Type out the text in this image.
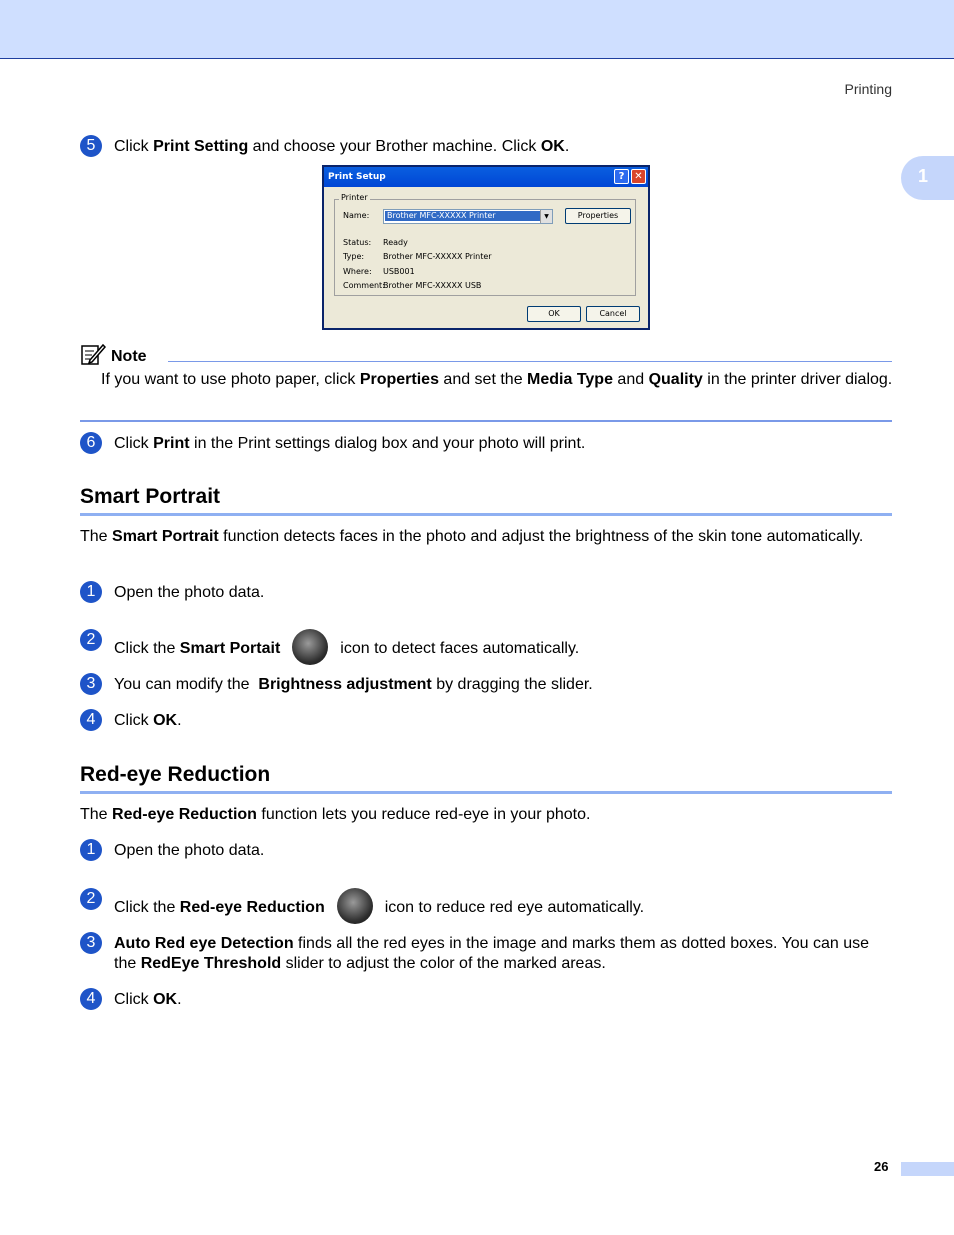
Printing
1
5	Click Print Setting and choose your Brother machine. Click OK.
Print Setup	? ✕
Printer
Name:	Brother MFC-XXXXX Printer	▼	Properties
Status: Ready
Type: Brother MFC-XXXXX Printer
Where: USB001
Comment:Brother MFC-XXXXX USB
OK	Cancel
Note
If you want to use photo paper, click Properties and set the Media Type and Quality in the printer driver dialog.
6	Click Print in the Print settings dialog box and your photo will print.
Smart Portrait
The Smart Portrait function detects faces in the photo and adjust the brightness of the skin tone automatically.
1	Open the photo data.
2
Click the Smart Portait	icon to detect faces automatically.
3	You can modify the  Brightness adjustment by dragging the slider.
4	Click OK.
Red-eye Reduction
The Red-eye Reduction function lets you reduce red-eye in your photo.
1	Open the photo data.
2
Click the Red-eye Reduction	icon to reduce red eye automatically.
3	Auto Red eye Detection finds all the red eyes in the image and marks them as dotted boxes. You can use the RedEye Threshold slider to adjust the color of the marked areas.
4	Click OK.
26
